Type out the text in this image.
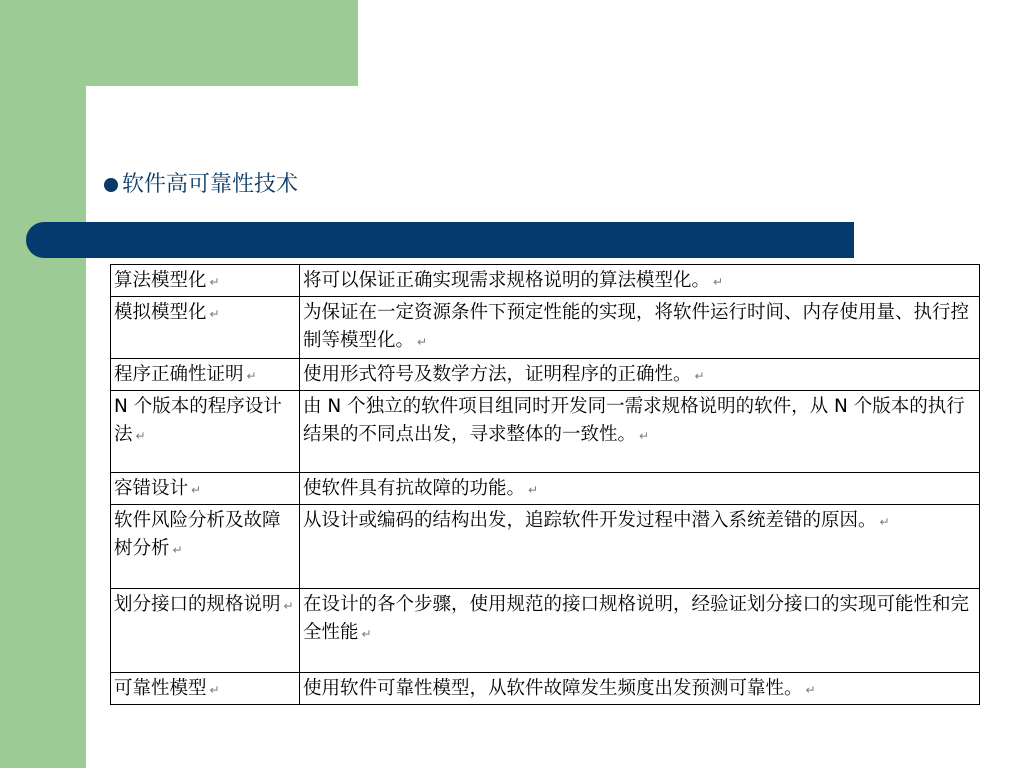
软件高可靠性技术
算法模型化 ↵	将可以保证正确实现需求规格说明的算法模型化。 ↵
模拟模型化 ↵	为保证在一定资源条件下预定性能的实现，将软件运行时间、内存使用量、执行控制等模型化。 ↵
程序正确性证明 ↵	使用形式符号及数学方法，证明程序的正确性。 ↵
N 个版本的程序设计法 ↵	由 N 个独立的软件项目组同时开发同一需求规格说明的软件，从 N 个版本的执行结果的不同点出发，寻求整体的一致性。 ↵
容错设计 ↵	使软件具有抗故障的功能。 ↵
软件风险分析及故障树分析 ↵	从设计或编码的结构出发，追踪软件开发过程中潜入系统差错的原因。 ↵
划分接口的规格说明 ↵	在设计的各个步骤，使用规范的接口规格说明，经验证划分接口的实现可能性和完全性能 ↵
可靠性模型 ↵	使用软件可靠性模型，从软件故障发生频度出发预测可靠性。 ↵
